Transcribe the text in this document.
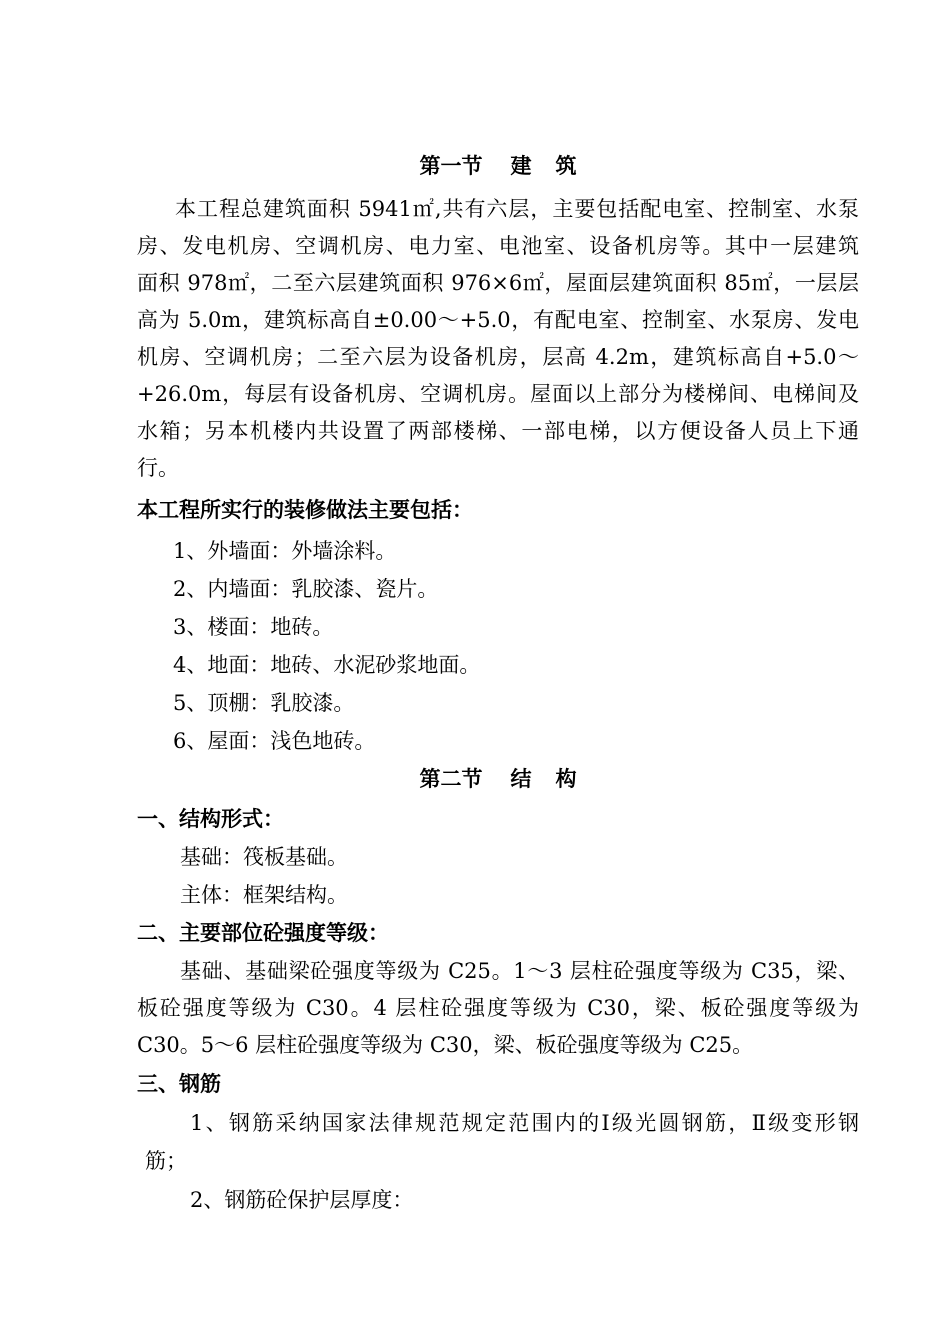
第一节 建 筑
本工程总建筑面积 5941㎡,共有六层，主要包括配电室、控制室、水泵
房、发电机房、空调机房、电力室、电池室、设备机房等。其中一层建筑
面积 978㎡，二至六层建筑面积 976×6㎡，屋面层建筑面积 85㎡，一层层
高为 5.0m，建筑标高自±0.00～+5.0，有配电室、控制室、水泵房、发电
机房、空调机房；二至六层为设备机房，层高 4.2m，建筑标高自+5.0～
+26.0m，每层有设备机房、空调机房。屋面以上部分为楼梯间、电梯间及
水箱；另本机楼内共设置了两部楼梯、一部电梯，以方便设备人员上下通
行。
本工程所实行的装修做法主要包括：
1、外墙面：外墙涂料。
2、内墙面：乳胶漆、瓷片。
3、楼面：地砖。
4、地面：地砖、水泥砂浆地面。
5、顶棚：乳胶漆。
6、屋面：浅色地砖。
第二节 结 构
一、结构形式：
基础：筏板基础。
主体：框架结构。
二、主要部位砼强度等级：
基础、基础梁砼强度等级为 C25。1～3 层柱砼强度等级为 C35，梁、
板砼强度等级为 C30。4 层柱砼强度等级为 C30，梁、板砼强度等级为
C30。5～6 层柱砼强度等级为 C30，梁、板砼强度等级为 C25。
三、钢筋
1、钢筋采纳国家法律规范规定范围内的Ⅰ级光圆钢筋，Ⅱ级变形钢
筋；
2、钢筋砼保护层厚度：
